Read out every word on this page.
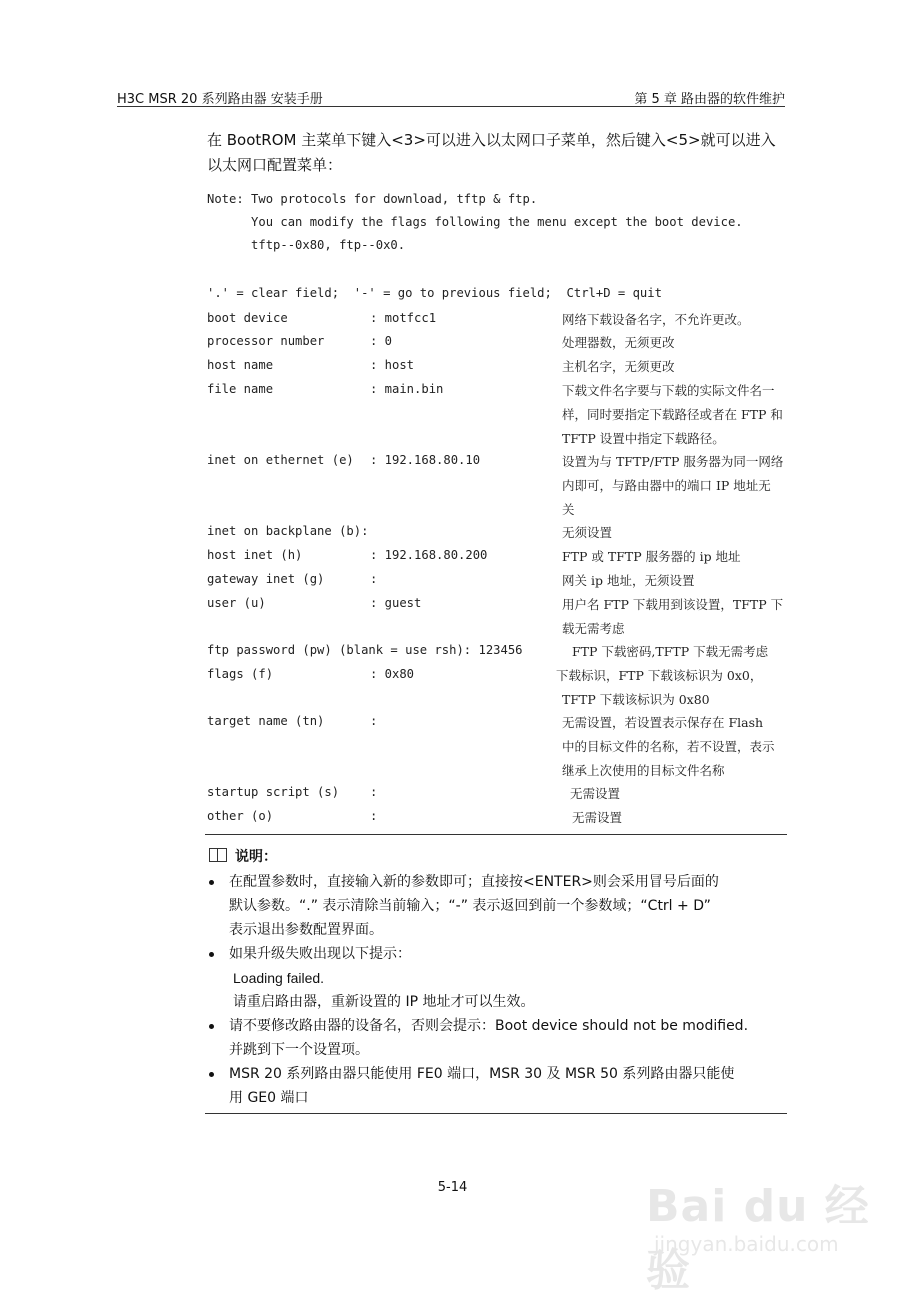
H3C MSR 20 系列路由器 安装手册	第 5 章 路由器的软件维护
在 BootROM 主菜单下键入<3>可以进入以太网口子菜单，然后键入<5>就可以进入
以太网口配置菜单：
Note: Two protocols for download, tftp & ftp.
You can modify the flags following the menu except the boot device.
tftp--0x80, ftp--0x0.
'.' = clear field;  '-' = go to previous field;  Ctrl+D = quit
boot device	: motfcc1	网络下载设备名字，不允许更改。
processor number	: 0	处理器数，无须更改
host name	: host	主机名字，无须更改
file name	: main.bin	下载文件名字要与下载的实际文件名一
样，同时要指定下载路径或者在 FTP 和
TFTP 设置中指定下载路径。
inet on ethernet (e) : 192.168.80.10	设置为与 TFTP/FTP 服务器为同一网络
内即可，与路由器中的端口 IP 地址无
关
inet on backplane (b):	无须设置
host inet (h)	: 192.168.80.200	FTP 或 TFTP 服务器的 ip 地址
gateway inet (g)	:	网关 ip 地址，无须设置
user (u)	: guest	用户名 FTP 下载用到该设置，TFTP 下
载无需考虑
ftp password (pw) (blank = use rsh): 123456	FTP 下载密码,TFTP 下载无需考虑
flags (f)	: 0x80	下载标识，FTP 下载该标识为 0x0，
TFTP 下载该标识为 0x80
target name (tn)	:	无需设置，若设置表示保存在 Flash
中的目标文件的名称，若不设置，表示
继承上次使用的目标文件名称
startup script (s)	:	无需设置
other (o)	:	无需设置
说明：
在配置参数时，直接输入新的参数即可；直接按<ENTER>则会采用冒号后面的
默认参数。“.” 表示清除当前输入；“-” 表示返回到前一个参数域；“Ctrl + D”
表示退出参数配置界面。
如果升级失败出现以下提示：
Loading failed.
请重启路由器，重新设置的 IP 地址才可以生效。
请不要修改路由器的设备名，否则会提示：Boot device should not be modified.
并跳到下一个设置项。
MSR 20 系列路由器只能使用 FE0 端口，MSR 30 及 MSR 50 系列路由器只能使
用 GE0 端口
5-14	Bai du 经验
jingyan.baidu.com
